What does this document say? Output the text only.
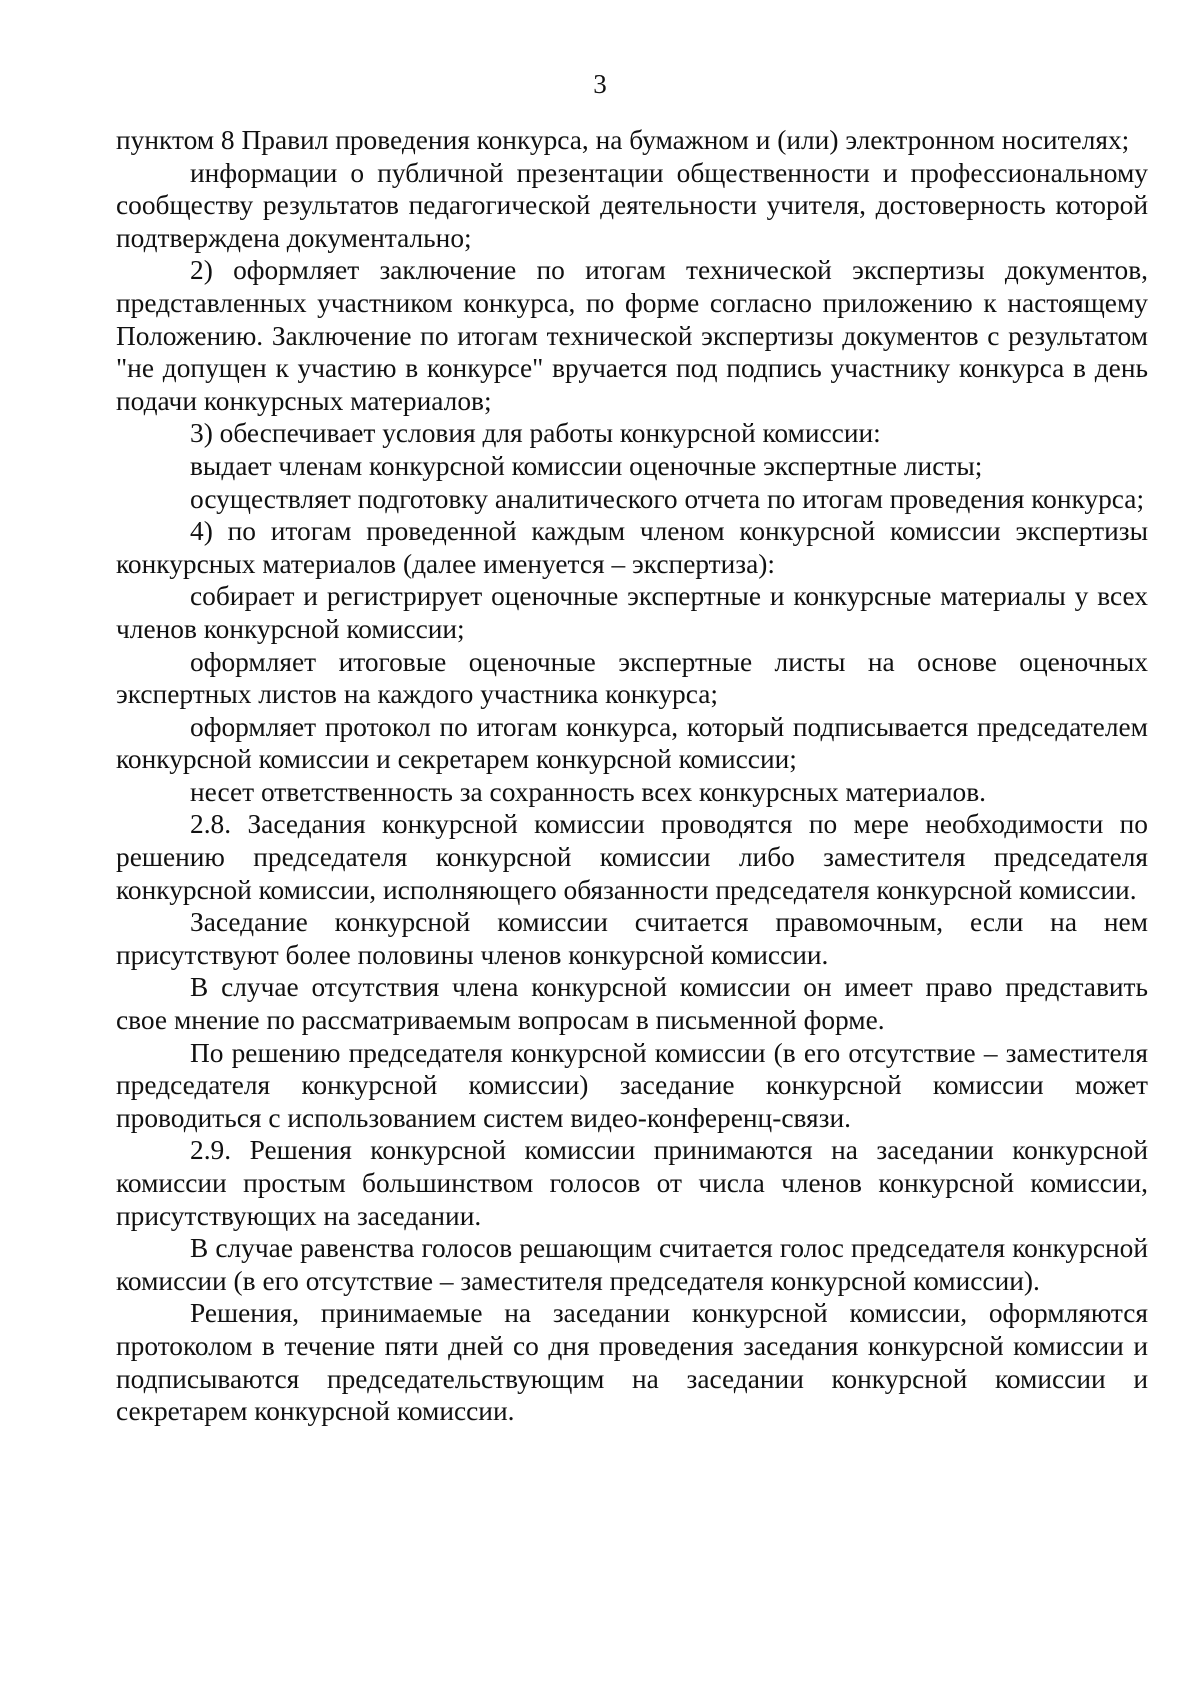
3

пунктом 8 Правил проведения конкурса, на бумажном и (или) электронном носителях;

информации о публичной презентации общественности и профессиональному сообществу результатов педагогической деятельности учителя, достоверность которой подтверждена документально;

2) оформляет заключение по итогам технической экспертизы документов, представленных участником конкурса, по форме согласно приложению к настоящему Положению. Заключение по итогам технической экспертизы документов с результатом "не допущен к участию в конкурсе" вручается под подпись участнику конкурса в день подачи конкурсных материалов;

3) обеспечивает условия для работы конкурсной комиссии:

выдает членам конкурсной комиссии оценочные экспертные листы;

осуществляет подготовку аналитического отчета по итогам проведения конкурса;

4) по итогам проведенной каждым членом конкурсной комиссии экспертизы конкурсных материалов (далее именуется – экспертиза):

собирает и регистрирует оценочные экспертные и конкурсные материалы у всех членов конкурсной комиссии;

оформляет итоговые оценочные экспертные листы на основе оценочных экспертных листов на каждого участника конкурса;

оформляет протокол по итогам конкурса, который подписывается председателем конкурсной комиссии и секретарем конкурсной комиссии;

несет ответственность за сохранность всех конкурсных материалов.

2.8. Заседания конкурсной комиссии проводятся по мере необходимости по решению председателя конкурсной комиссии либо заместителя председателя конкурсной комиссии, исполняющего обязанности председателя конкурсной комиссии.

Заседание конкурсной комиссии считается правомочным, если на нем присутствуют более половины членов конкурсной комиссии.

В случае отсутствия члена конкурсной комиссии он имеет право представить свое мнение по рассматриваемым вопросам в письменной форме.

По решению председателя конкурсной комиссии (в его отсутствие – заместителя председателя конкурсной комиссии) заседание конкурсной комиссии может проводиться с использованием систем видео-конференц-связи.

2.9. Решения конкурсной комиссии принимаются на заседании конкурсной комиссии простым большинством голосов от числа членов конкурсной комиссии, присутствующих на заседании.

В случае равенства голосов решающим считается голос председателя конкурсной комиссии (в его отсутствие – заместителя председателя конкурсной комиссии).

Решения, принимаемые на заседании конкурсной комиссии, оформляются протоколом в течение пяти дней со дня проведения заседания конкурсной комиссии и подписываются председательствующим на заседании конкурсной комиссии и секретарем конкурсной комиссии.
